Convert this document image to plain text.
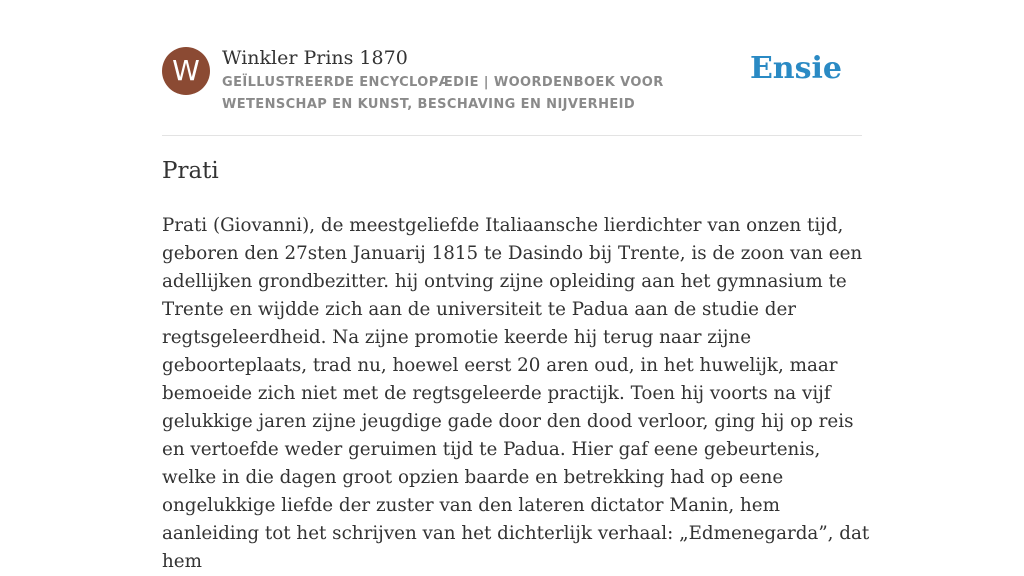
W	Winkler Prins 1870
GEÏLLUSTREERDE ENCYCLOPÆDIE | WOORDENBOEK VOOR WETENSCHAP EN KUNST, BESCHAVING EN NIJVERHEID
Ensie
Prati

Prati (Giovanni), de meestgeliefde Italiaansche lierdichter van onzen tijd, geboren den 27sten Januarij 1815 te Dasindo bij Trente, is de zoon van een adellijken grondbezitter. hij ontving zijne opleiding aan het gymnasium te Trente en wijdde zich aan de universiteit te Padua aan de studie der regtsgeleerdheid. Na zijne promotie keerde hij terug naar zijne geboorteplaats, trad nu, hoewel eerst 20 aren oud, in het huwelijk, maar bemoeide zich niet met de regtsgeleerde practijk. Toen hij voorts na vijf gelukkige jaren zijne jeugdige gade door den dood verloor, ging hij op reis en vertoefde weder geruimen tijd te Padua. Hier gaf eene gebeurtenis, welke in die dagen groot opzien baarde en betrekking had op eene ongelukkige liefde der zuster van den lateren dictator Manin, hem aanleiding tot het schrijven van het dichterlijk verhaal: „Edmenegarda”, dat hem
